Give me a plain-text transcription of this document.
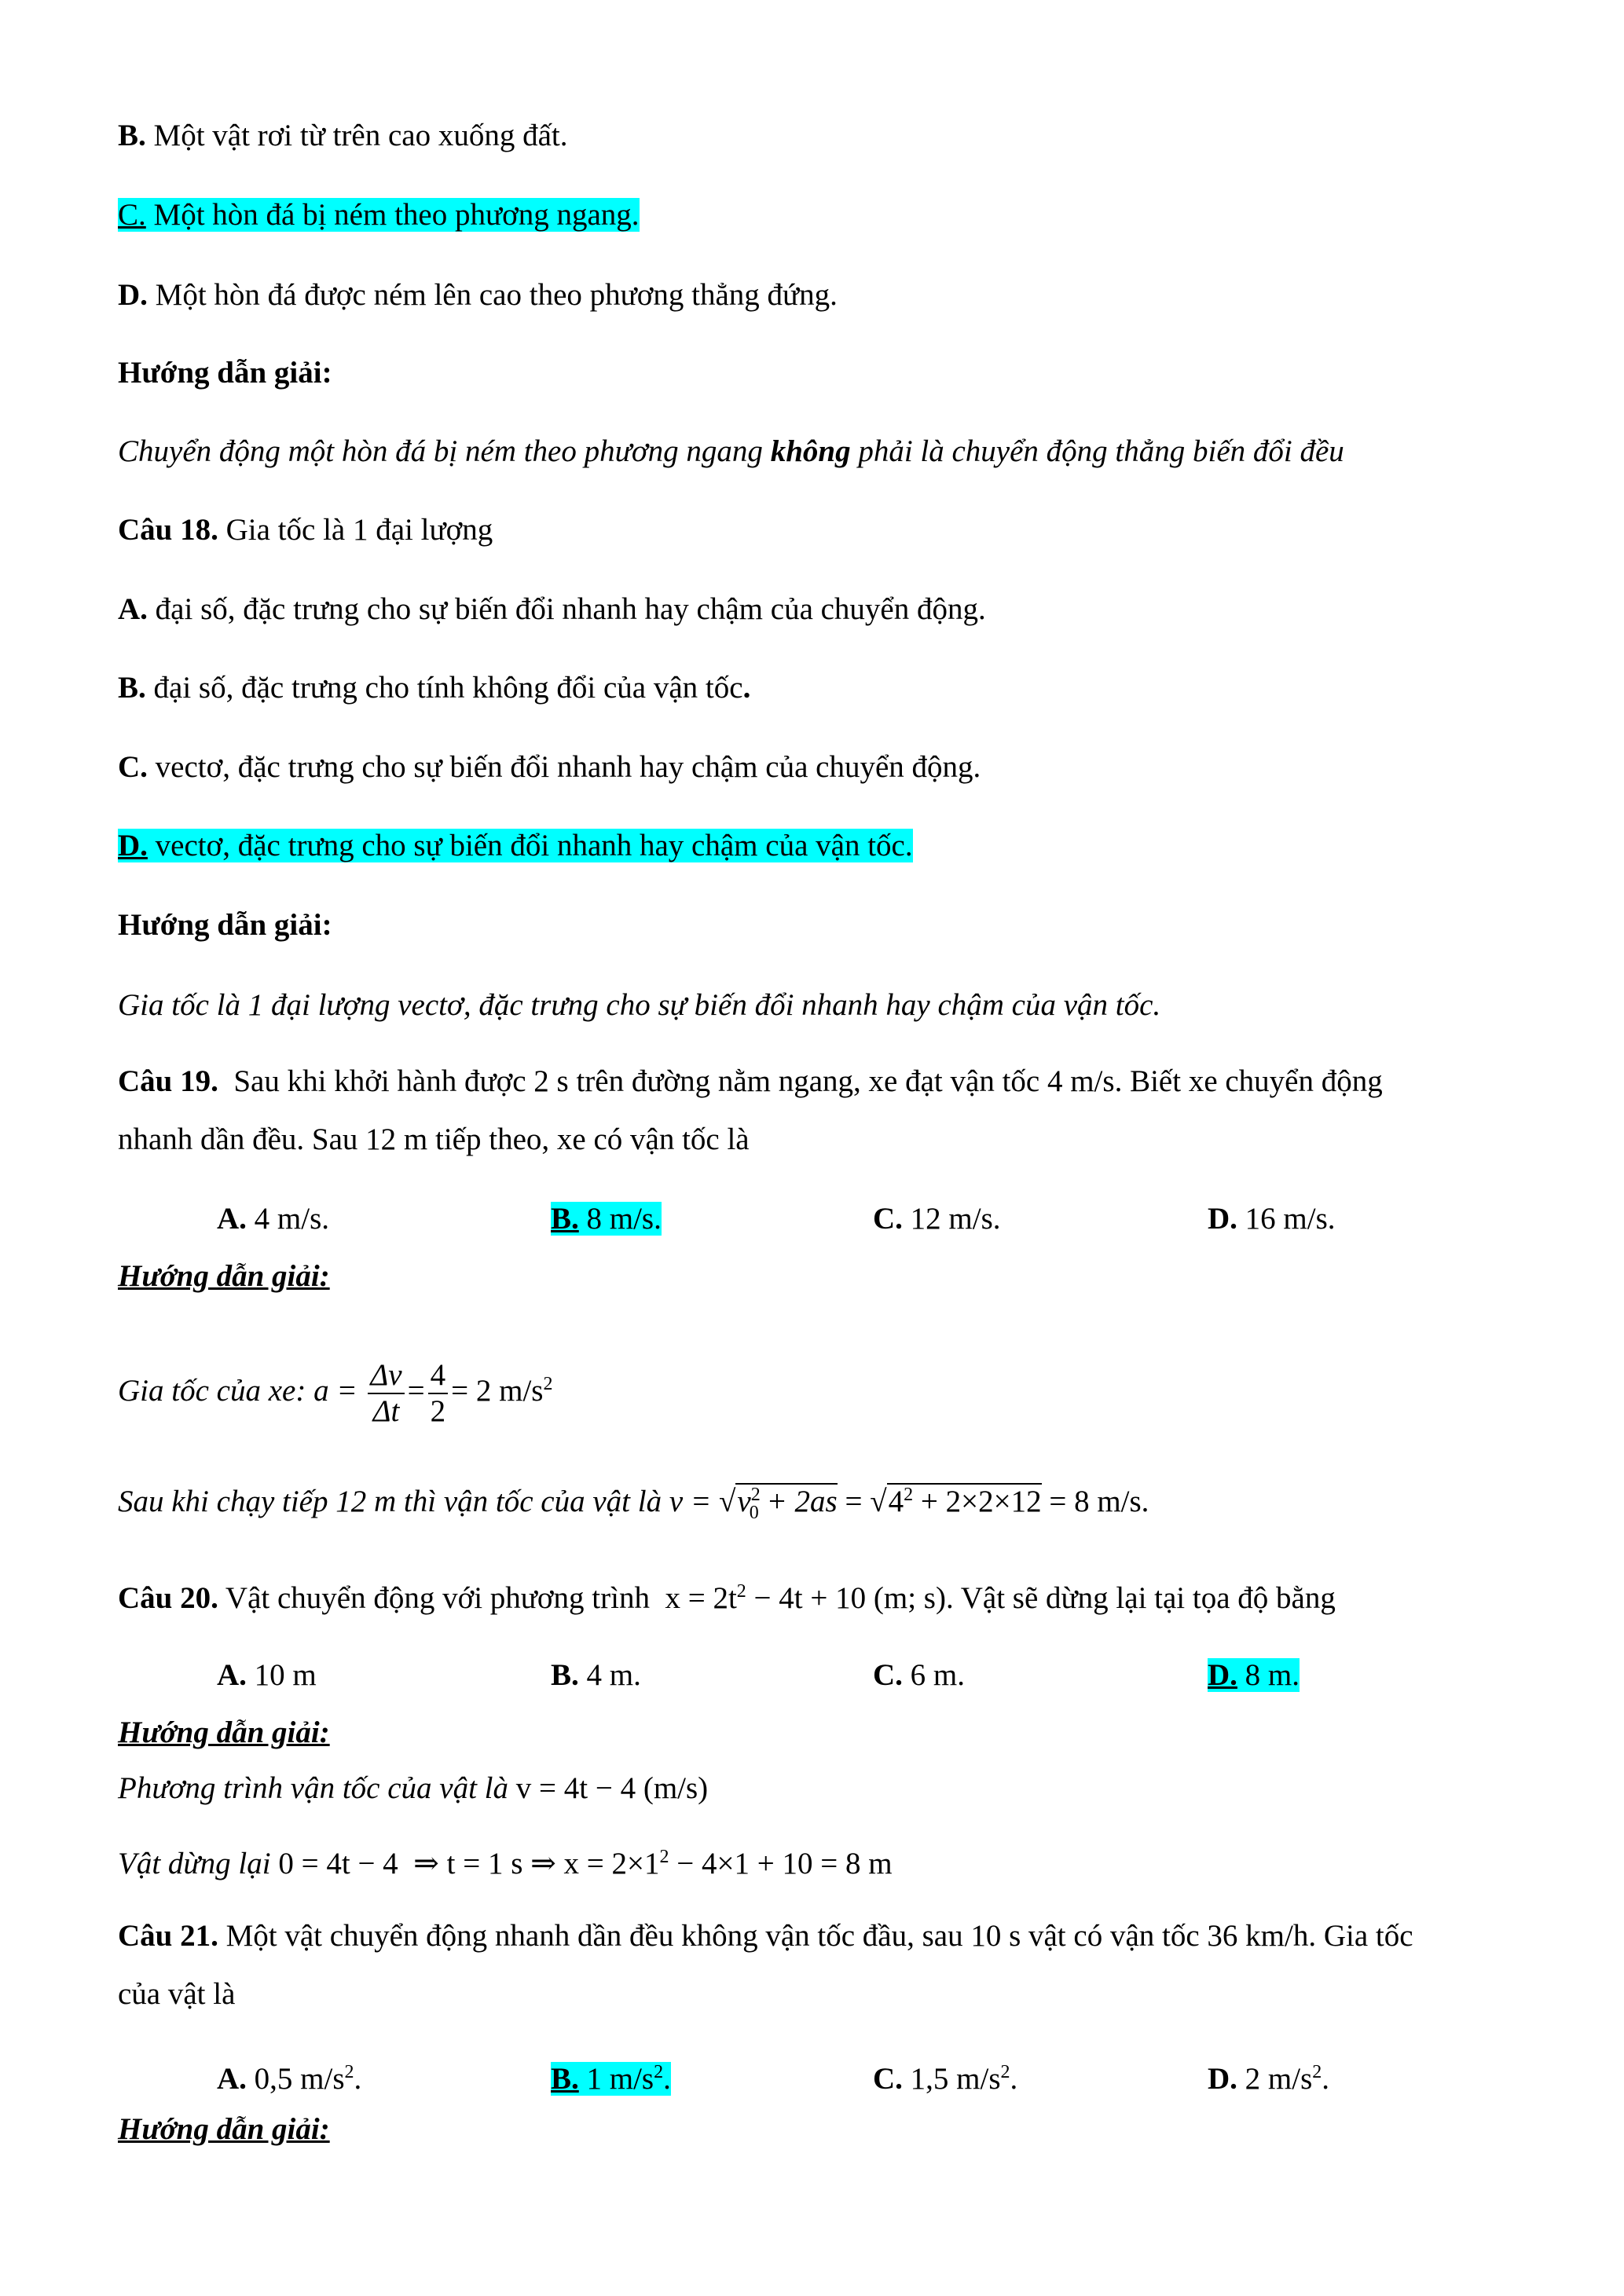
B. Một vật rơi từ trên cao xuống đất.
C. Một hòn đá bị ném theo phương ngang.
D. Một hòn đá được ném lên cao theo phương thẳng đứng.
Hướng dẫn giải:
Chuyển động một hòn đá bị ném theo phương ngang không phải là chuyển động thẳng biến đổi đều
Câu 18. Gia tốc là 1 đại lượng
A. đại số, đặc trưng cho sự biến đổi nhanh hay chậm của chuyển động.
B. đại số, đặc trưng cho tính không đổi của vận tốc.
C. vectơ, đặc trưng cho sự biến đổi nhanh hay chậm của chuyển động.
D. vectơ, đặc trưng cho sự biến đổi nhanh hay chậm của vận tốc.
Hướng dẫn giải:
Gia tốc là 1 đại lượng vectơ, đặc trưng cho sự biến đổi nhanh hay chậm của vận tốc.
Câu 19.  Sau khi khởi hành được 2 s trên đường nằm ngang, xe đạt vận tốc 4 m/s. Biết xe chuyển động
nhanh dần đều. Sau 12 m tiếp theo, xe có vận tốc là
A. 4 m/s.	B. 8 m/s.	C. 12 m/s.	D. 16 m/s.
Hướng dẫn giải:
Gia tốc của xe: $a = \frac{\Delta v}{\Delta t} = \frac{4}{2} = 2$ $m/s^2$
Sau khi chạy tiếp 12 m thì vận tốc của vật là $v = √v^2_0 + 2as = √4^2 + 2\times 2\times 12 = 8$ m/s.
Câu 20. Vật chuyển động với phương trình  $x = 2t^2 - 4t + 10$ (m; s). Vật sẽ dừng lại tại tọa độ bằng
A. 10 m	B. 4 m.	C. 6 m.	D. 8 m.
Hướng dẫn giải:
Phương trình vận tốc của vật là v = 4t − 4 (m/s)
Vật dừng lại 0 = 4t − 4  ⇒ t = 1 s ⇒ $x = 2\times 1^2 - 4\times 1 + 10 = 8$ m
Câu 21. Một vật chuyển động nhanh dần đều không vận tốc đầu, sau 10 s vật có vận tốc 36 km/h. Gia tốc
của vật là
A. 0,5 $m/s^2$.	B. 1 $m/s^2$.	C. 1,5 $m/s^2$.	D. 2 $m/s^2$.
Hướng dẫn giải:
